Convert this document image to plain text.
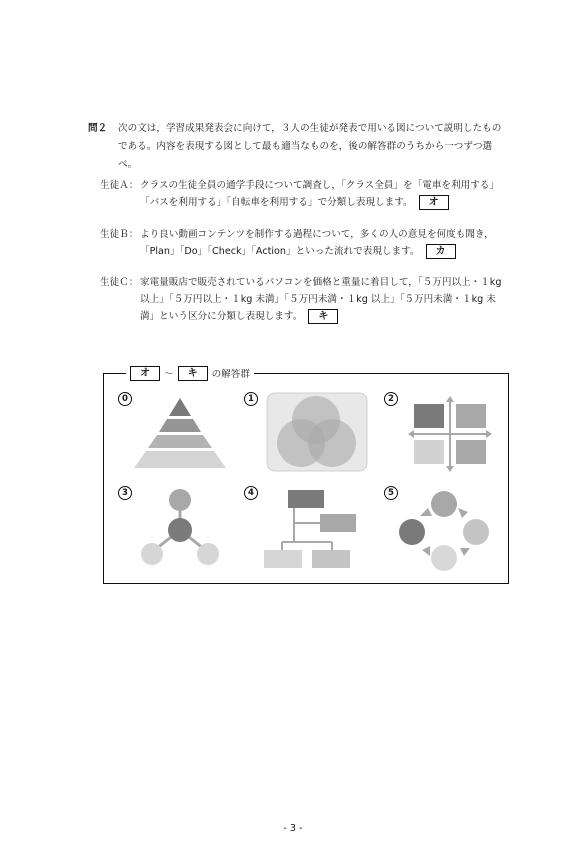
問２ 次の文は，学習成果発表会に向けて，３人の生徒が発表で用いる図について説明したものである。内容を表現する図として最も適当なものを，後の解答群のうちから一つずつ選べ。
生徒Ａ： クラスの生徒全員の通学手段について調査し，「クラス全員」を「電車を利用する」「バスを利用する」「自転車を利用する」で分類し表現します。 オ
生徒Ｂ： より良い動画コンテンツを制作する過程について，多くの人の意見を何度も聞き，「Plan」「Do」「Check」「Action」といった流れで表現します。 カ
生徒Ｃ： 家電量販店で販売されているパソコンを価格と重量に着目して，「５万円以上・１kg 以上」「５万円以上・１kg 未満」「５万円未満・１kg 以上」「５万円未満・１kg 未満」という区分に分類し表現します。 キ
オ	〜	キ	の解答群
0	1	2
3	4	5
- 3 -
